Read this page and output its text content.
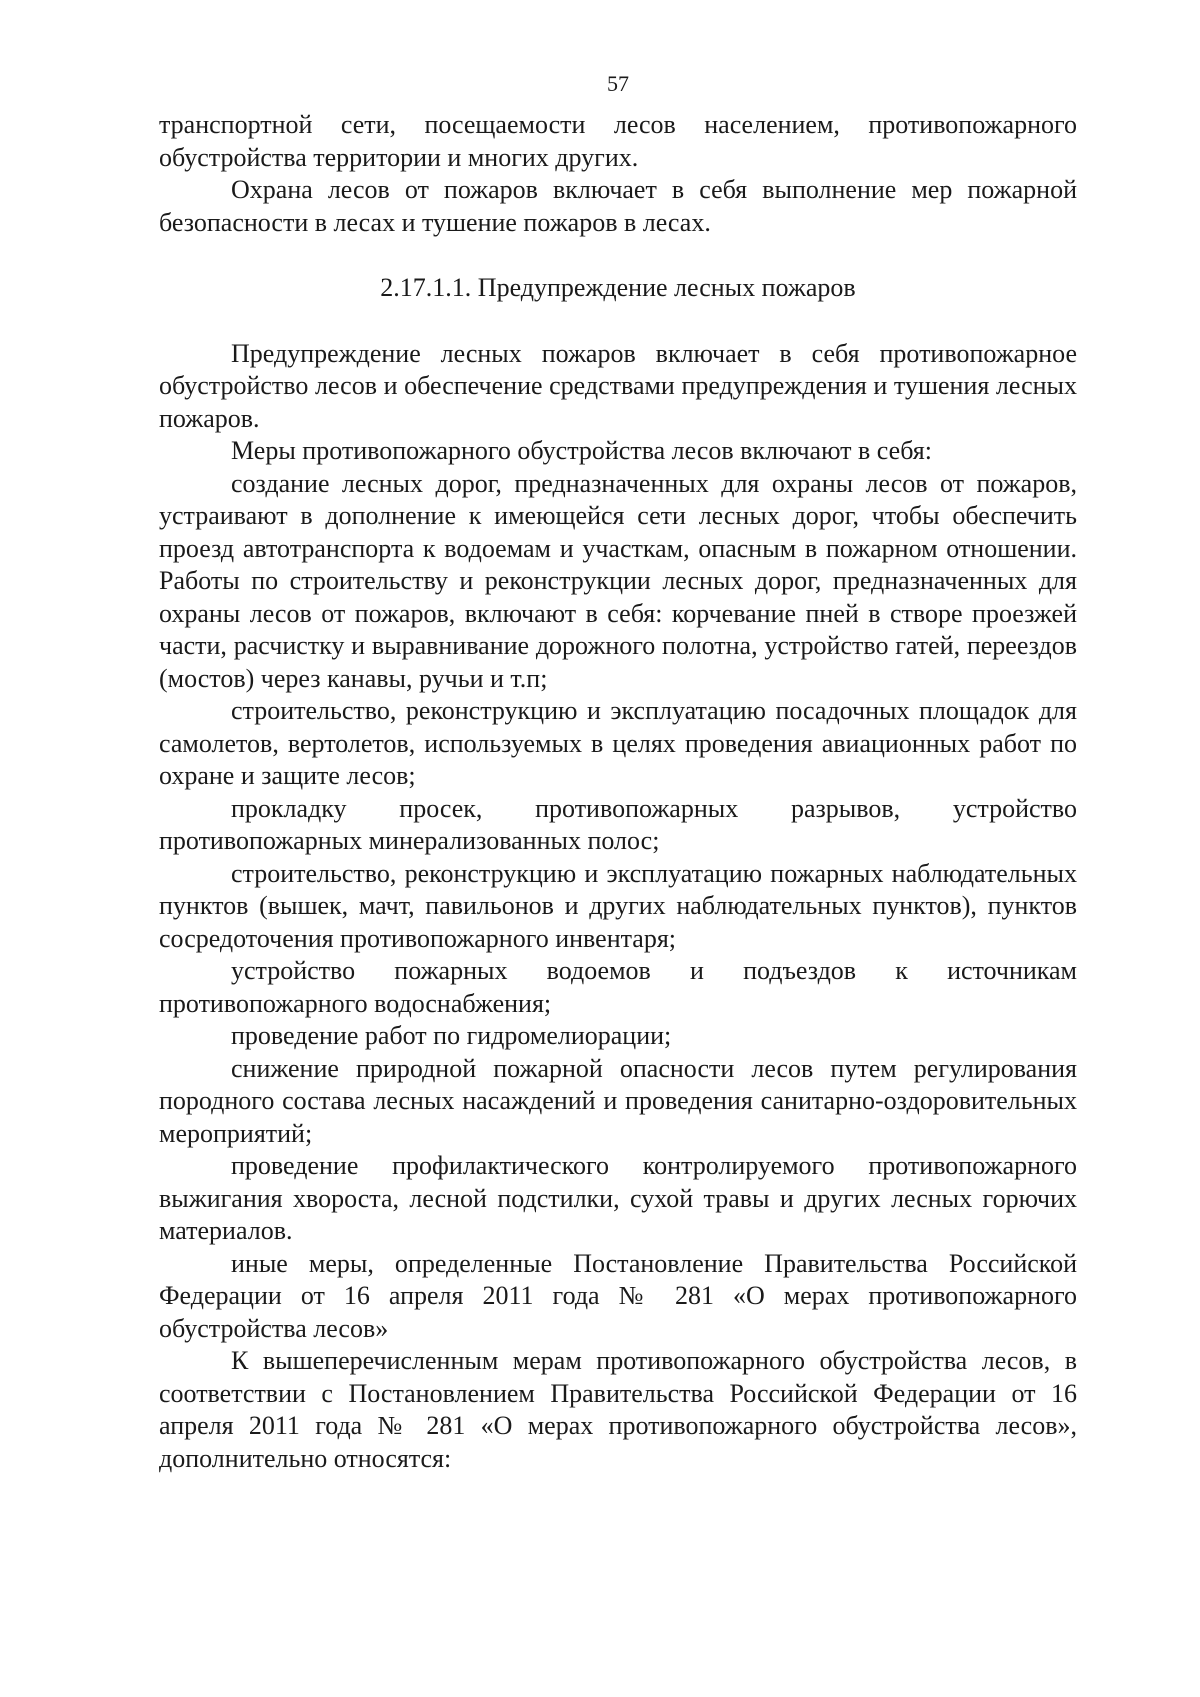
57

транспортной сети, посещаемости лесов населением, противопожарного обустройства территории и многих других.

Охрана лесов от пожаров включает в себя выполнение мер пожарной безопасности в лесах и тушение пожаров в лесах.

2.17.1.1. Предупреждение лесных пожаров

Предупреждение лесных пожаров включает в себя противопожарное обустройство лесов и обеспечение средствами предупреждения и тушения лесных пожаров.

Меры противопожарного обустройства лесов включают в себя:

создание лесных дорог, предназначенных для охраны лесов от пожаров, устраивают в дополнение к имеющейся сети лесных дорог, чтобы обеспечить проезд автотранспорта к водоемам и участкам, опасным в пожарном отношении. Работы по строительству и реконструкции лесных дорог, предназначенных для охраны лесов от пожаров, включают в себя: корчевание пней в створе проезжей части, расчистку и выравнивание дорожного полотна, устройство гатей, переездов (мостов) через канавы, ручьи и т.п;

строительство, реконструкцию и эксплуатацию посадочных площадок для самолетов, вертолетов, используемых в целях проведения авиационных работ по охране и защите лесов;

прокладку просек, противопожарных разрывов, устройство противопожарных минерализованных полос;

строительство, реконструкцию и эксплуатацию пожарных наблюдательных пунктов (вышек, мачт, павильонов и других наблюдательных пунктов), пунктов сосредоточения противопожарного инвентаря;

устройство пожарных водоемов и подъездов к источникам противопожарного водоснабжения;

проведение работ по гидромелиорации;

снижение природной пожарной опасности лесов путем регулирования породного состава лесных насаждений и проведения санитарно-оздоровительных мероприятий;

проведение профилактического контролируемого противопожарного выжигания хвороста, лесной подстилки, сухой травы и других лесных горючих материалов.

иные меры, определенные Постановление Правительства Российской Федерации от 16 апреля 2011 года № 281 «О мерах противопожарного обустройства лесов»

К вышеперечисленным мерам противопожарного обустройства лесов, в соответствии с Постановлением Правительства Российской Федерации от 16 апреля 2011 года № 281 «О мерах противопожарного обустройства лесов», дополнительно относятся:
